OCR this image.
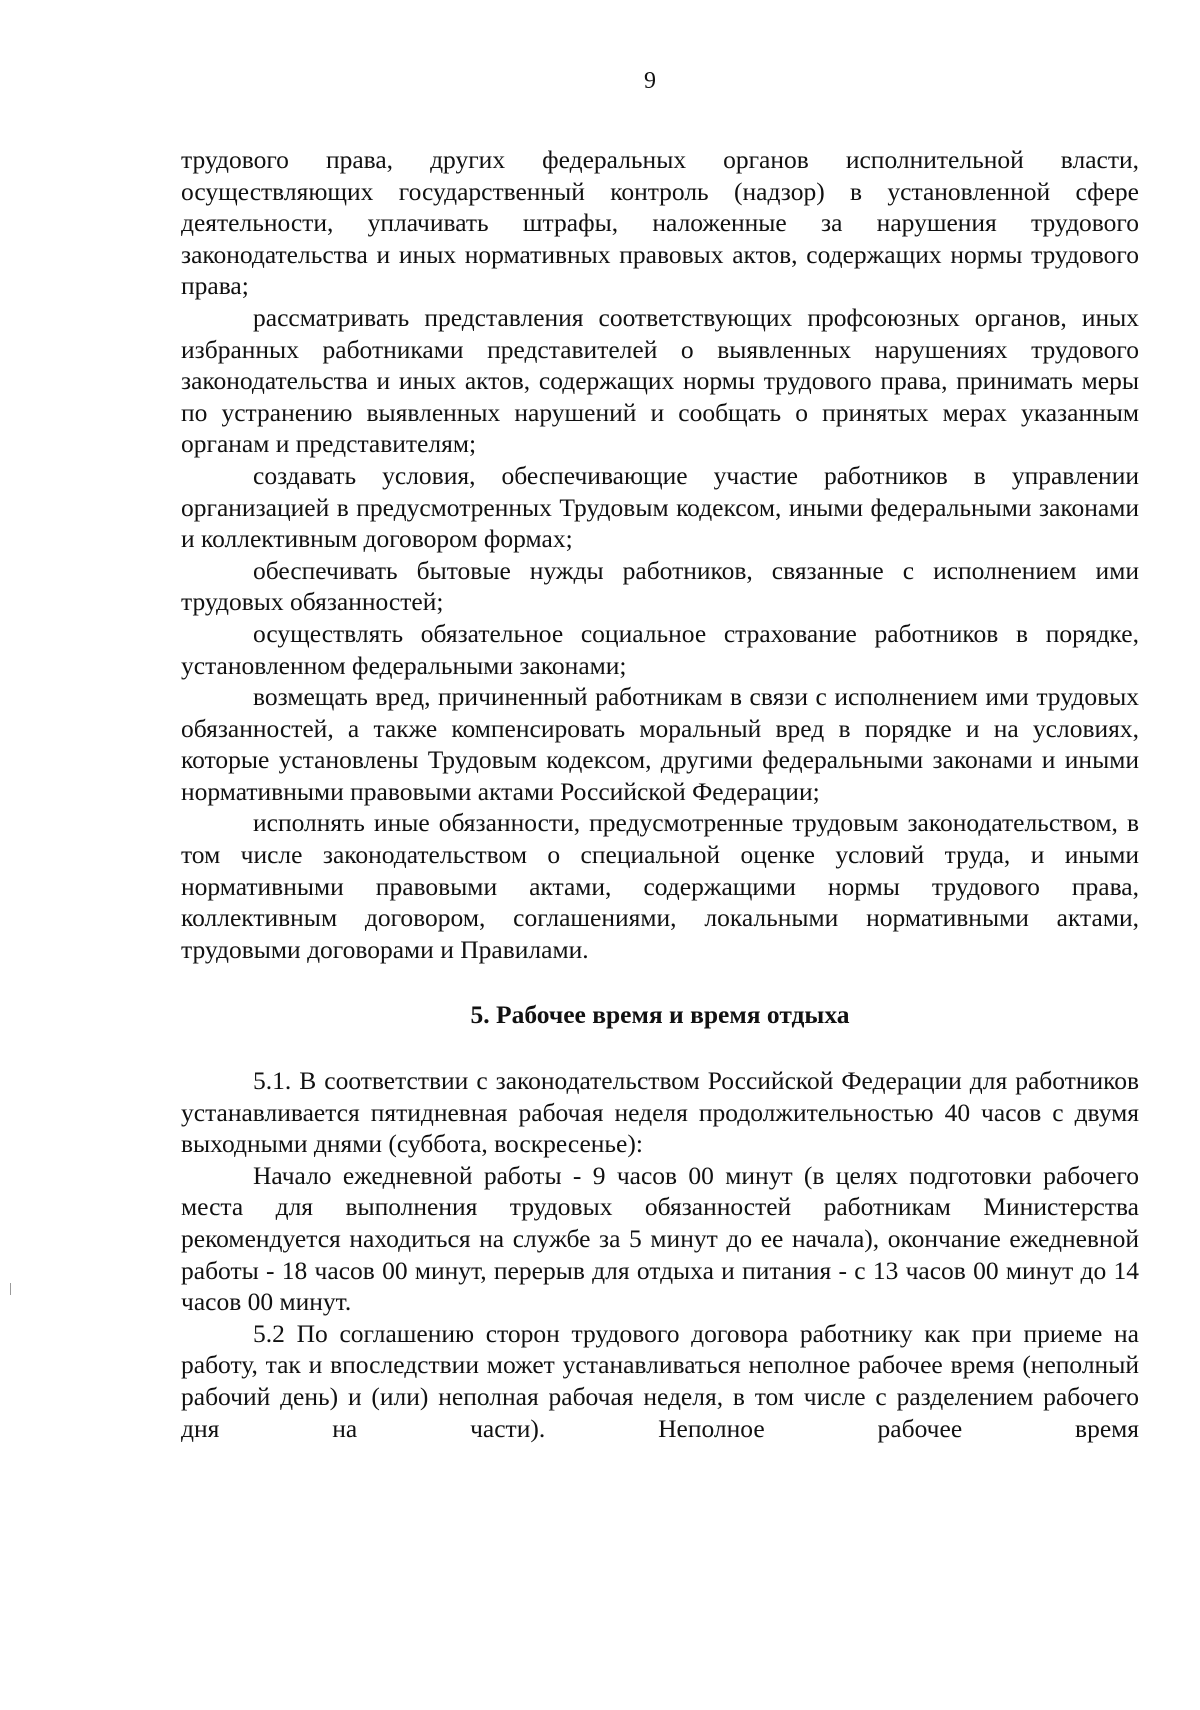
9

трудового права, других федеральных органов исполнительной власти, осуществляющих государственный контроль (надзор) в установленной сфере деятельности, уплачивать штрафы, наложенные за нарушения трудового законодательства и иных нормативных правовых актов, содержащих нормы трудового права;

рассматривать представления соответствующих профсоюзных органов, иных избранных работниками представителей о выявленных нарушениях трудового законодательства и иных актов, содержащих нормы трудового права, принимать меры по устранению выявленных нарушений и сообщать о принятых мерах указанным органам и представителям;

создавать условия, обеспечивающие участие работников в управлении организацией в предусмотренных Трудовым кодексом, иными федеральными законами и коллективным договором формах;

обеспечивать бытовые нужды работников, связанные с исполнением ими трудовых обязанностей;

осуществлять обязательное социальное страхование работников в порядке, установленном федеральными законами;

возмещать вред, причиненный работникам в связи с исполнением ими трудовых обязанностей, а также компенсировать моральный вред в порядке и на условиях, которые установлены Трудовым кодексом, другими федеральными законами и иными нормативными правовыми актами Российской Федерации;

исполнять иные обязанности, предусмотренные трудовым законодательством, в том числе законодательством о специальной оценке условий труда, и иными нормативными правовыми актами, содержащими нормы трудового права, коллективным договором, соглашениями, локальными нормативными актами, трудовыми договорами и Правилами.

5. Рабочее время и время отдыха

5.1. В соответствии с законодательством Российской Федерации для работников устанавливается пятидневная рабочая неделя продолжительностью 40 часов с двумя выходными днями (суббота, воскресенье):

Начало ежедневной работы - 9 часов 00 минут (в целях подготовки рабочего места для выполнения трудовых обязанностей работникам Министерства рекомендуется находиться на службе за 5 минут до ее начала), окончание ежедневной работы - 18 часов 00 минут, перерыв для отдыха и питания - с 13 часов 00 минут до 14 часов 00 минут.

5.2 По соглашению сторон трудового договора работнику как при приеме на работу, так и впоследствии может устанавливаться неполное рабочее время (неполный рабочий день) и (или) неполная рабочая неделя, в том числе с разделением рабочего дня на части). Неполное рабочее время
